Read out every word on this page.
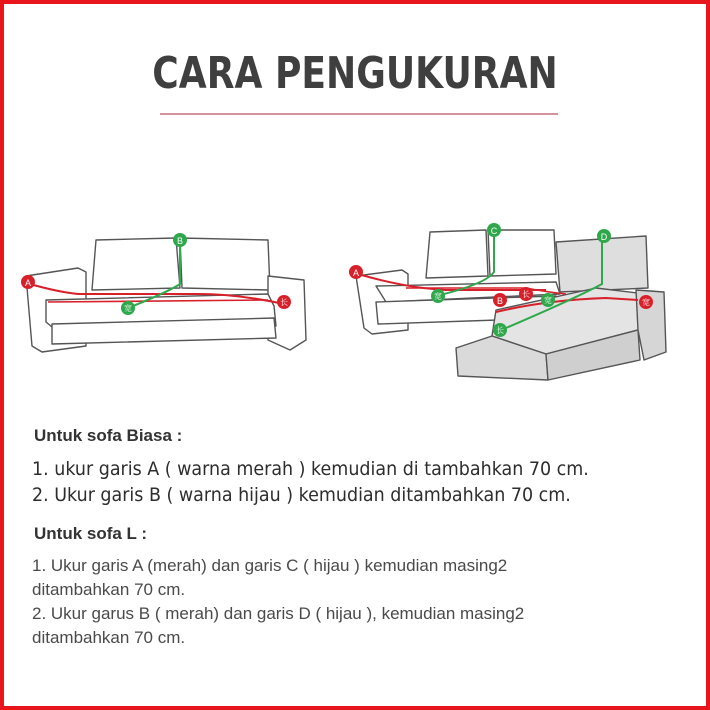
CARA PENGUKURAN
A
B
宽
长
A
C
D
宽	B
长
宽	宽
长
Untuk sofa Biasa :
1. ukur garis A ( warna merah ) kemudian di tambahkan 70 cm.
2. Ukur garis B ( warna hijau ) kemudian ditambahkan 70 cm.
Untuk sofa L :
1. Ukur garis A (merah) dan garis C ( hijau ) kemudian masing2
ditambahkan 70 cm.
2. Ukur garus B ( merah) dan garis D ( hijau ), kemudian masing2
ditambahkan 70 cm.
